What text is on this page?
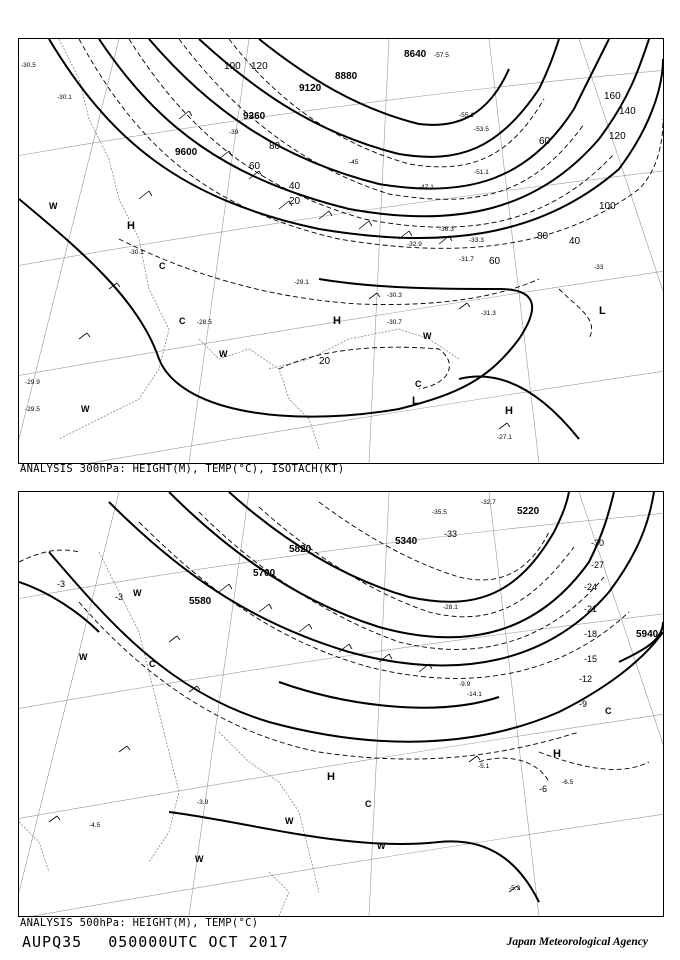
9600
9360
9120
8880
8640
120
100
80
60
40
20
60
80
100
120
140
160
20
40
60
-30.5
-30.1
-29.9
-29.5
-30.1
-30.3
-30.7
-31.3
-32.9
-31.7
-33.3
-36.3
-39
-45
-47.1
-51.1
-53.5
-55.1
-57.5
-29.1
-28.5
-27.1
-33
H
H
H
L
L
W
W
W
W
C
C
C
ANALYSIS 300hPa: HEIGHT(M), TEMP(°C), ISOTACH(KT)
5700
5580
5820
5940
5340
5220
-3
-3
-6
-9
-12
-15
-18
-21
-24
-27
-30
-33
-5.3
-5.1
-6.5
-3.9
-4.5
-9.9
-14.1
-28.1
-32.7
-35.5
H
H
W
W
W
W
W
C
C
C
ANALYSIS 500hPa: HEIGHT(M), TEMP(°C)
AUPQ35 050000UTC OCT 2017	Japan Meteorological Agency
